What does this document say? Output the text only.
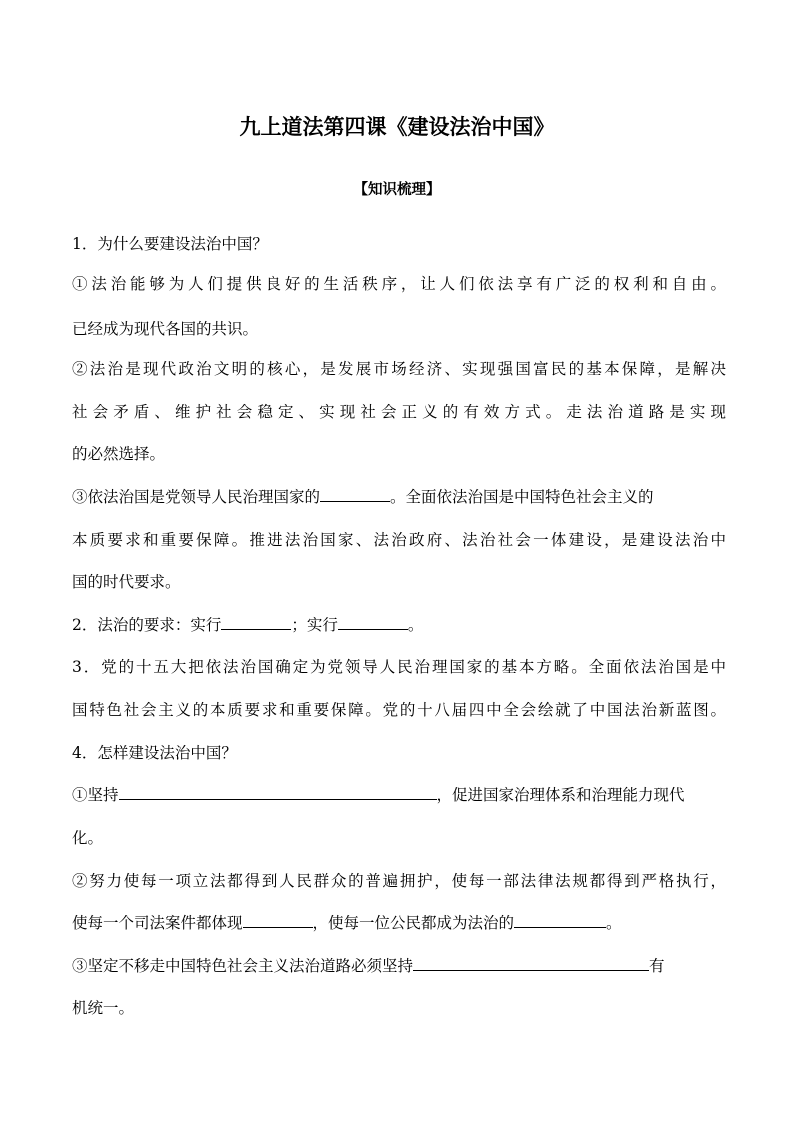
九上道法第四课《建设法治中国》
【知识梳理】
1．为什么要建设法治中国？
①法治能够为人们提供良好的生活秩序，让人们依法享有广泛的权利和自由。
已经成为现代各国的共识。
②法治是现代政治文明的核心，是发展市场经济、实现强国富民的基本保障，是解决
社会矛盾、维护社会稳定、实现社会正义的有效方式。走法治道路是实现
的必然选择。
③依法治国是党领导人民治理国家的	。全面依法治国是中国特色社会主义的
本质要求和重要保障。推进法治国家、法治政府、法治社会一体建设，是建设法治中
国的时代要求。
2．法治的要求：实行	；实行	。
3．党的十五大把依法治国确定为党领导人民治理国家的基本方略。全面依法治国是中
国特色社会主义的本质要求和重要保障。党的十八届四中全会绘就了中国法治新蓝图。
4．怎样建设法治中国？
①坚持	，促进国家治理体系和治理能力现代
化。
②努力使每一项立法都得到人民群众的普遍拥护，使每一部法律法规都得到严格执行，
使每一个司法案件都体现	，使每一位公民都成为法治的	。
③坚定不移走中国特色社会主义法治道路必须坚持	有
机统一。
